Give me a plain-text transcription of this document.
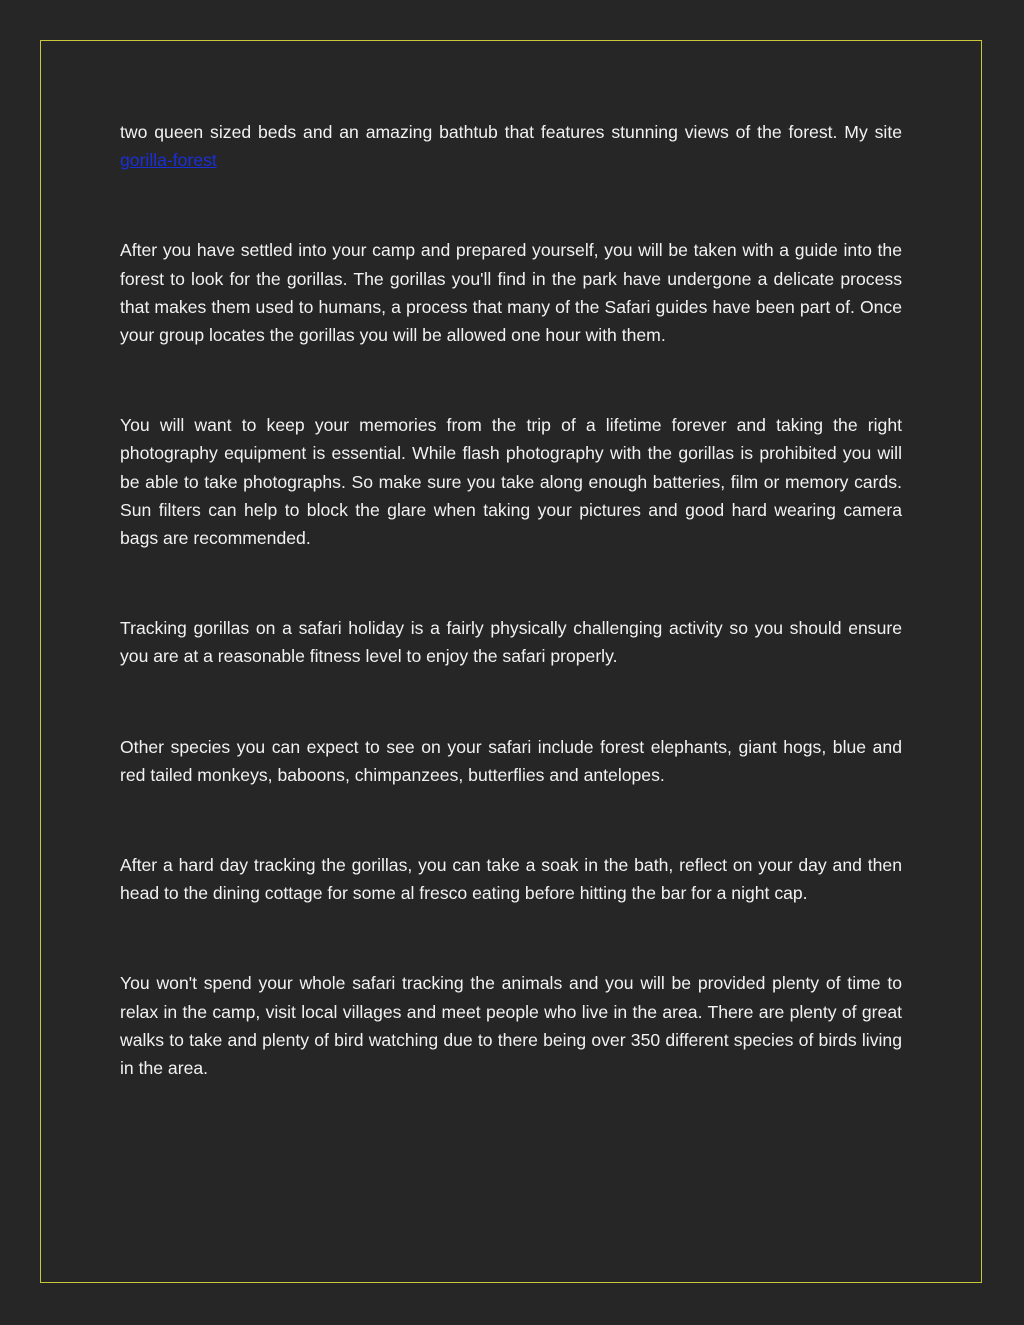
two queen sized beds and an amazing bathtub that features stunning views of the forest. My site gorilla-forest

After you have settled into your camp and prepared yourself, you will be taken with a guide into the forest to look for the gorillas. The gorillas you'll find in the park have undergone a delicate process that makes them used to humans, a process that many of the Safari guides have been part of. Once your group locates the gorillas you will be allowed one hour with them.

You will want to keep your memories from the trip of a lifetime forever and taking the right photography equipment is essential. While flash photography with the gorillas is prohibited you will be able to take photographs. So make sure you take along enough batteries, film or memory cards. Sun filters can help to block the glare when taking your pictures and good hard wearing camera bags are recommended.

Tracking gorillas on a safari holiday is a fairly physically challenging activity so you should ensure you are at a reasonable fitness level to enjoy the safari properly.

Other species you can expect to see on your safari include forest elephants, giant hogs, blue and red tailed monkeys, baboons, chimpanzees, butterflies and antelopes.

After a hard day tracking the gorillas, you can take a soak in the bath, reflect on your day and then head to the dining cottage for some al fresco eating before hitting the bar for a night cap.

You won't spend your whole safari tracking the animals and you will be provided plenty of time to relax in the camp, visit local villages and meet people who live in the area. There are plenty of great walks to take and plenty of bird watching due to there being over 350 different species of birds living in the area.
